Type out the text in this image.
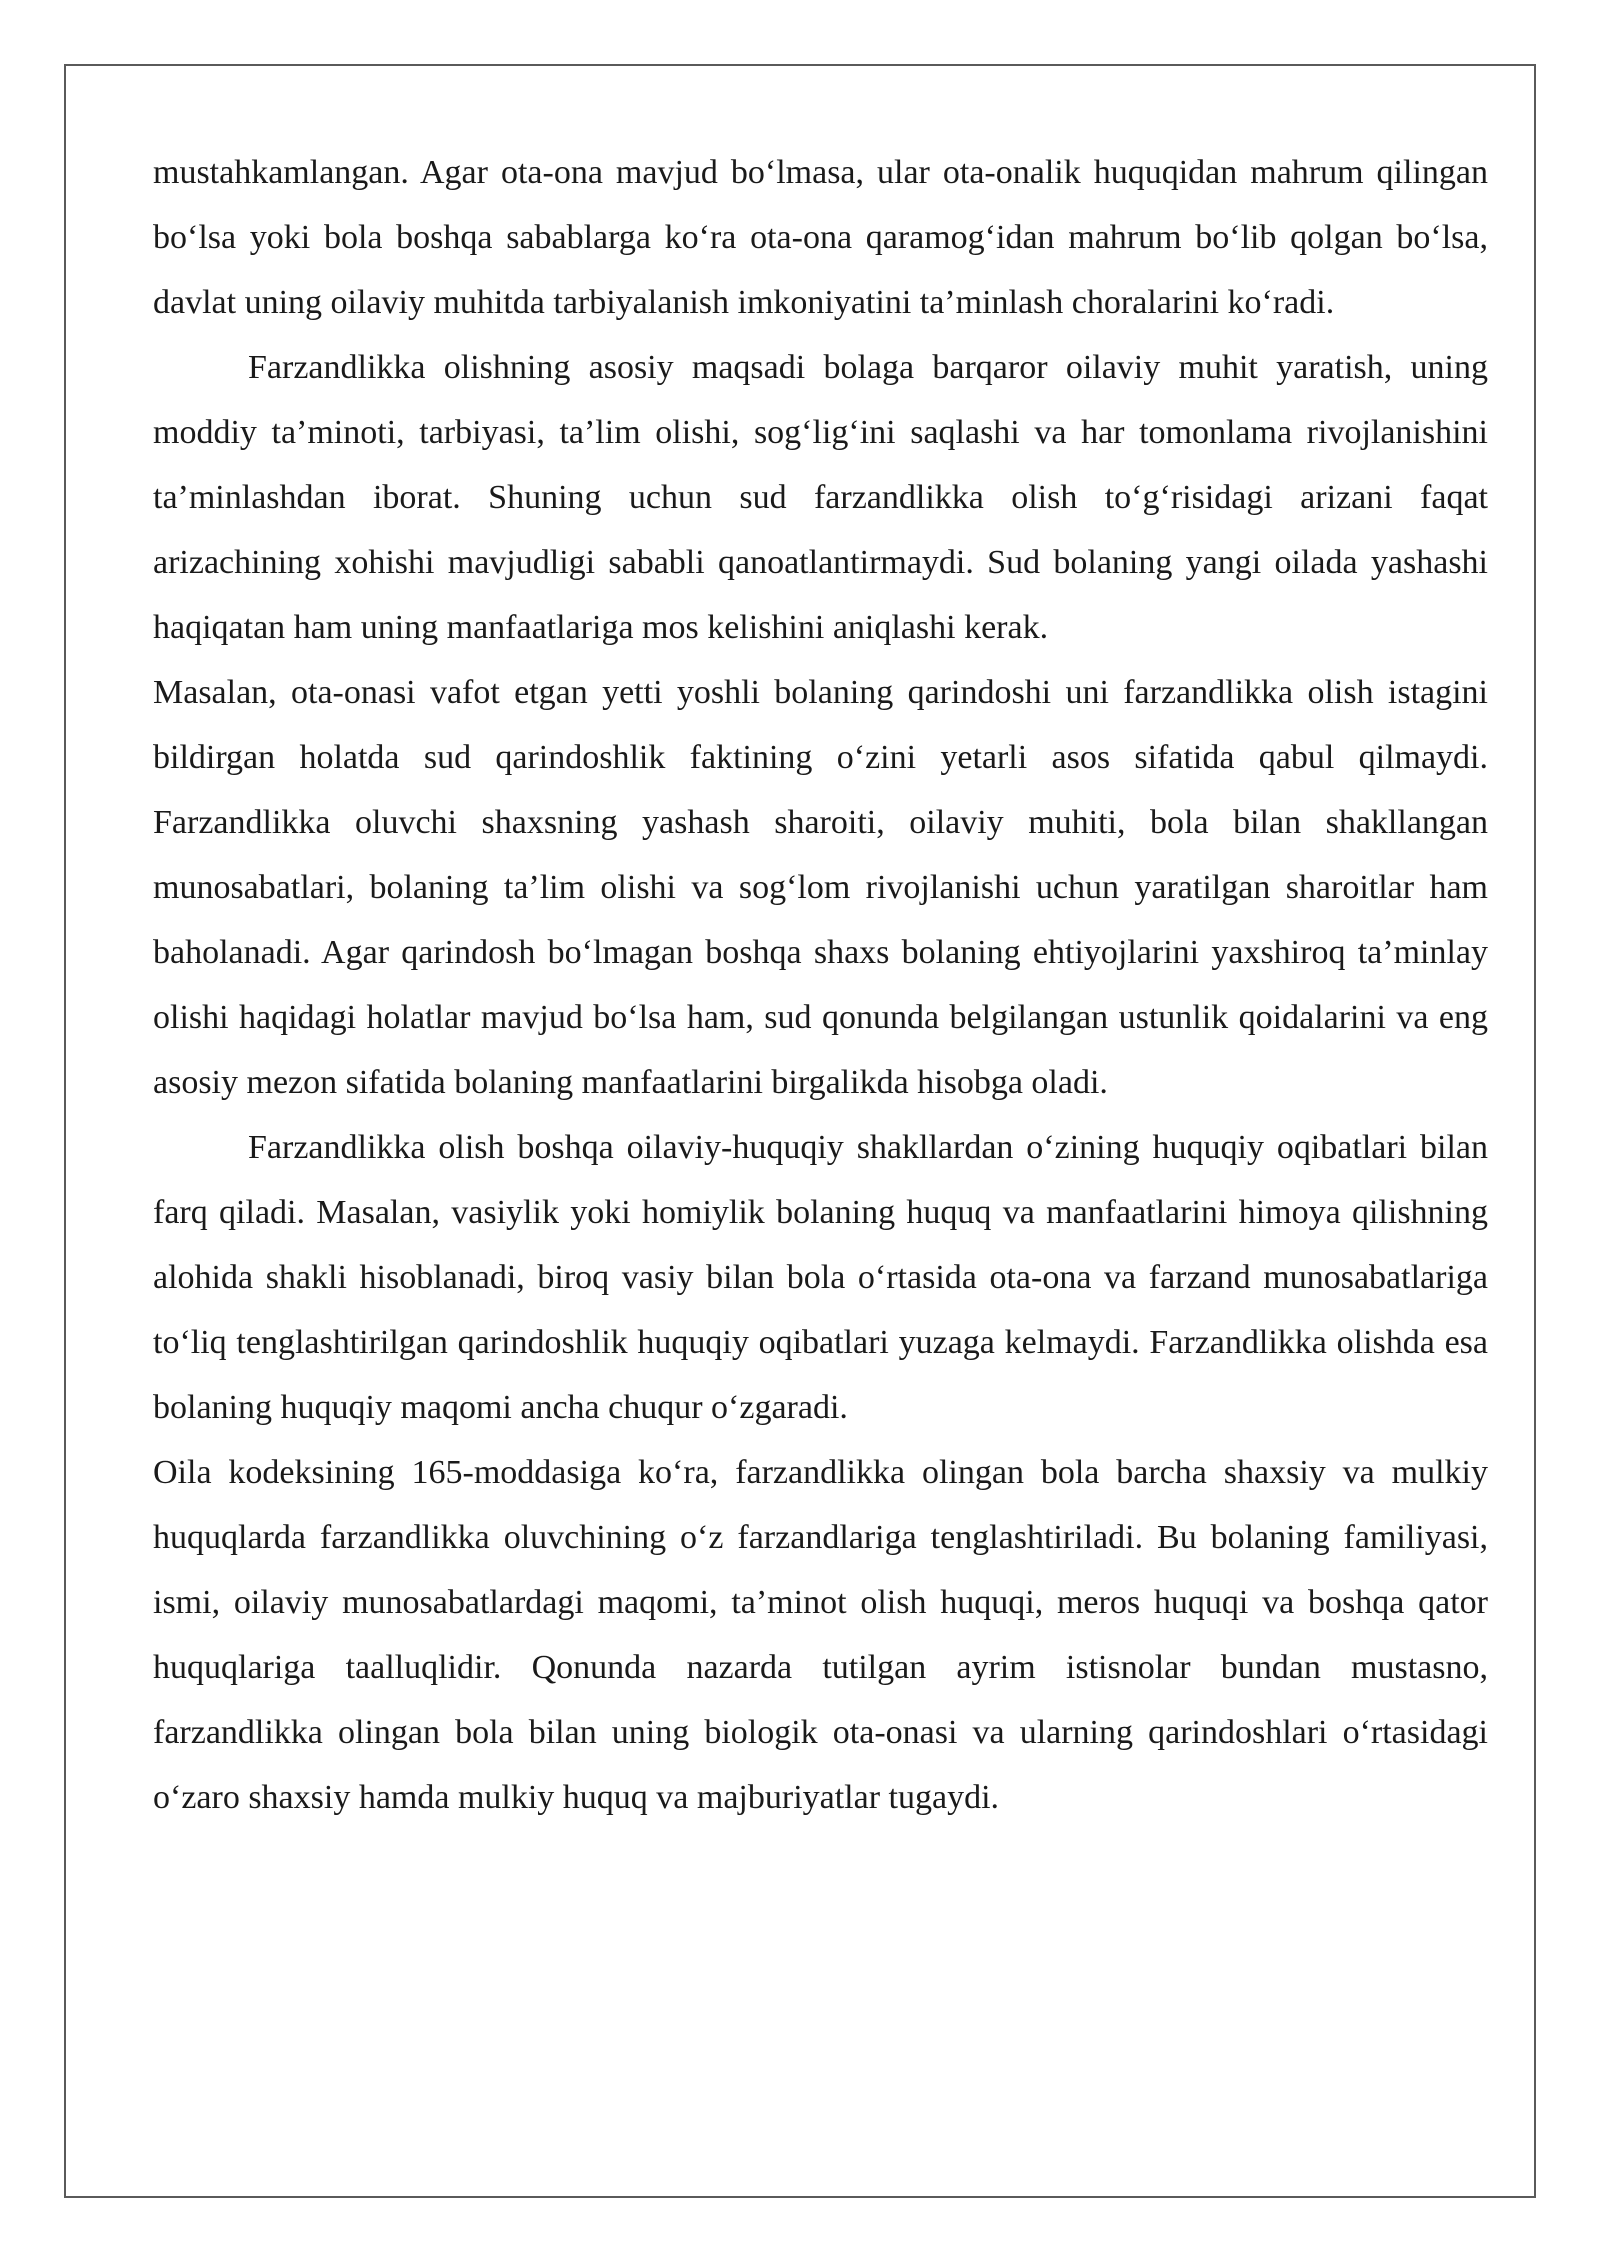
mustahkamlangan. Agar ota-ona mavjud bo‘lmasa, ular ota-onalik huquqidan mahrum qilingan bo‘lsa yoki bola boshqa sabablarga ko‘ra ota-ona qaramog‘idan mahrum bo‘lib qolgan bo‘lsa, davlat uning oilaviy muhitda tarbiyalanish imkoniyatini ta’minlash choralarini ko‘radi.

Farzandlikka olishning asosiy maqsadi bolaga barqaror oilaviy muhit yaratish, uning moddiy ta’minoti, tarbiyasi, ta’lim olishi, sog‘lig‘ini saqlashi va har tomonlama rivojlanishini ta’minlashdan iborat. Shuning uchun sud farzandlikka olish to‘g‘risidagi arizani faqat arizachining xohishi mavjudligi sababli qanoatlantirmaydi. Sud bolaning yangi oilada yashashi haqiqatan ham uning manfaatlariga mos kelishini aniqlashi kerak.

Masalan, ota-onasi vafot etgan yetti yoshli bolaning qarindoshi uni farzandlikka olish istagini bildirgan holatda sud qarindoshlik faktining o‘zini yetarli asos sifatida qabul qilmaydi. Farzandlikka oluvchi shaxsning yashash sharoiti, oilaviy muhiti, bola bilan shakllangan munosabatlari, bolaning ta’lim olishi va sog‘lom rivojlanishi uchun yaratilgan sharoitlar ham baholanadi. Agar qarindosh bo‘lmagan boshqa shaxs bolaning ehtiyojlarini yaxshiroq ta’minlay olishi haqidagi holatlar mavjud bo‘lsa ham, sud qonunda belgilangan ustunlik qoidalarini va eng asosiy mezon sifatida bolaning manfaatlarini birgalikda hisobga oladi.

Farzandlikka olish boshqa oilaviy-huquqiy shakllardan o‘zining huquqiy oqibatlari bilan farq qiladi. Masalan, vasiylik yoki homiylik bolaning huquq va manfaatlarini himoya qilishning alohida shakli hisoblanadi, biroq vasiy bilan bola o‘rtasida ota-ona va farzand munosabatlariga to‘liq tenglashtirilgan qarindoshlik huquqiy oqibatlari yuzaga kelmaydi. Farzandlikka olishda esa bolaning huquqiy maqomi ancha chuqur o‘zgaradi.

Oila kodeksining 165-moddasiga ko‘ra, farzandlikka olingan bola barcha shaxsiy va mulkiy huquqlarda farzandlikka oluvchining o‘z farzandlariga tenglashtiriladi. Bu bolaning familiyasi, ismi, oilaviy munosabatlardagi maqomi, ta’minot olish huquqi, meros huquqi va boshqa qator huquqlariga taalluqlidir. Qonunda nazarda tutilgan ayrim istisnolar bundan mustasno, farzandlikka olingan bola bilan uning biologik ota-onasi va ularning qarindoshlari o‘rtasidagi o‘zaro shaxsiy hamda mulkiy huquq va majburiyatlar tugaydi.
